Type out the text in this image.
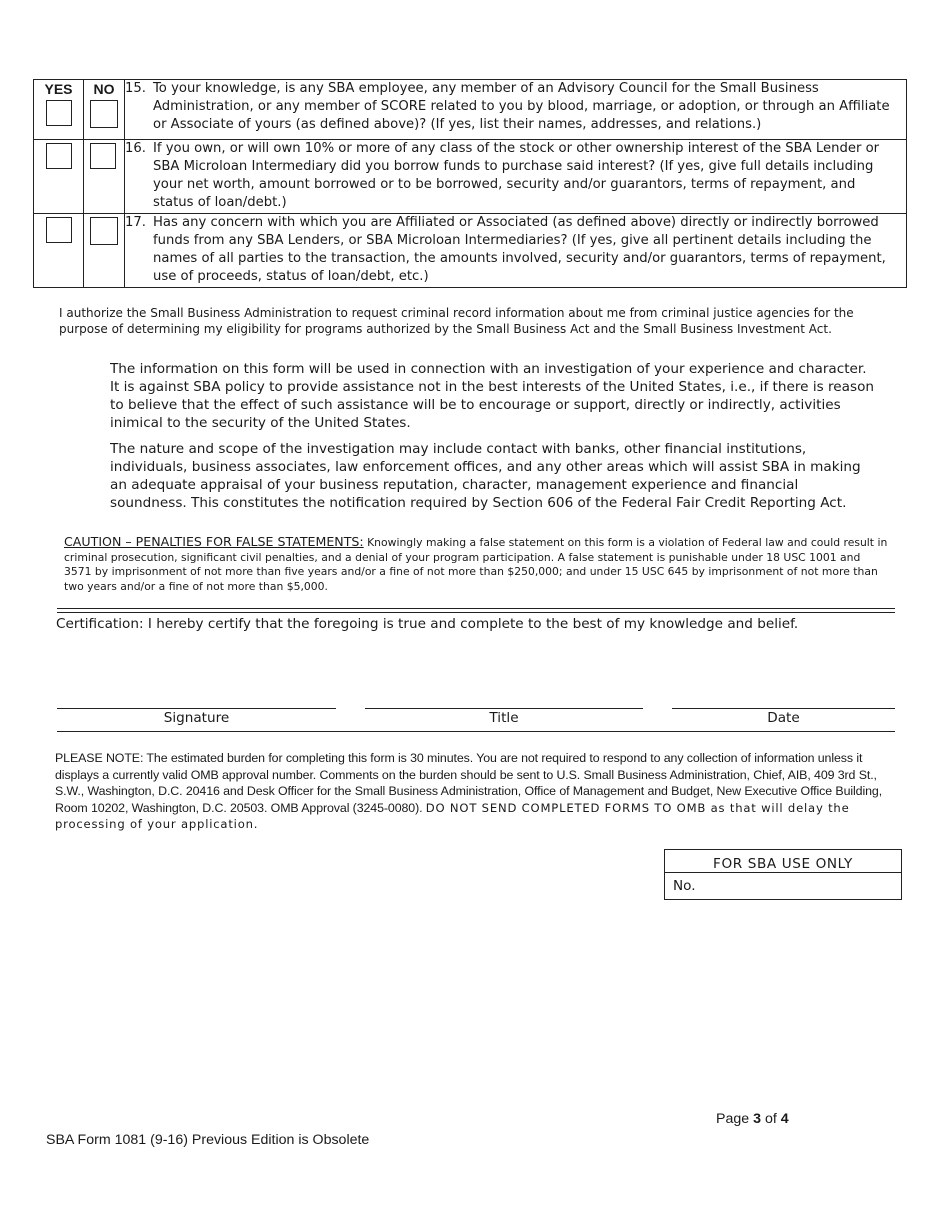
YES	NO	15. To your knowledge, is any SBA employee, any member of an Advisory Council for the Small Business Administration, or any member of SCORE related to you by blood, marriage, or adoption, or through an Affiliate or Associate of yours (as defined above)? (If yes, list their names, addresses, and relations.)

		16. If you own, or will own 10% or more of any class of the stock or other ownership interest of the SBA Lender or SBA Microloan Intermediary did you borrow funds to purchase said interest? (If yes, give full details including your net worth, amount borrowed or to be borrowed, security and/or guarantors, terms of repayment, and status of loan/debt.)

		17. Has any concern with which you are Affiliated or Associated (as defined above) directly or indirectly borrowed funds from any SBA Lenders, or SBA Microloan Intermediaries? (If yes, give all pertinent details including the names of all parties to the transaction, the amounts involved, security and/or guarantors, terms of repayment, use of proceeds, status of loan/debt, etc.)
I authorize the Small Business Administration to request criminal record information about me from criminal justice agencies for the purpose of determining my eligibility for programs authorized by the Small Business Act and the Small Business Investment Act.
The information on this form will be used in connection with an investigation of your experience and character. It is against SBA policy to provide assistance not in the best interests of the United States, i.e., if there is reason to believe that the effect of such assistance will be to encourage or support, directly or indirectly, activities inimical to the security of the United States.
The nature and scope of the investigation may include contact with banks, other financial institutions, individuals, business associates, law enforcement offices, and any other areas which will assist SBA in making an adequate appraisal of your business reputation, character, management experience and financial soundness. This constitutes the notification required by Section 606 of the Federal Fair Credit Reporting Act.
CAUTION – PENALTIES FOR FALSE STATEMENTS: Knowingly making a false statement on this form is a violation of Federal law and could result in criminal prosecution, significant civil penalties, and a denial of your program participation. A false statement is punishable under 18 USC 1001 and 3571 by imprisonment of not more than five years and/or a fine of not more than $250,000; and under 15 USC 645 by imprisonment of not more than two years and/or a fine of not more than $5,000.
Certification: I hereby certify that the foregoing is true and complete to the best of my knowledge and belief.
Signature	Title	Date
PLEASE NOTE: The estimated burden for completing this form is 30 minutes. You are not required to respond to any collection of information unless it displays a currently valid OMB approval number. Comments on the burden should be sent to U.S. Small Business Administration, Chief, AIB, 409 3rd St., S.W., Washington, D.C. 20416 and Desk Officer for the Small Business Administration, Office of Management and Budget, New Executive Office Building, Room 10202, Washington, D.C. 20503. OMB Approval (3245-0080). DO NOT SEND COMPLETED FORMS TO OMB as that will delay the processing of your application.
FOR SBA USE ONLY
No.
Page 3 of 4
SBA Form 1081 (9-16) Previous Edition is Obsolete
